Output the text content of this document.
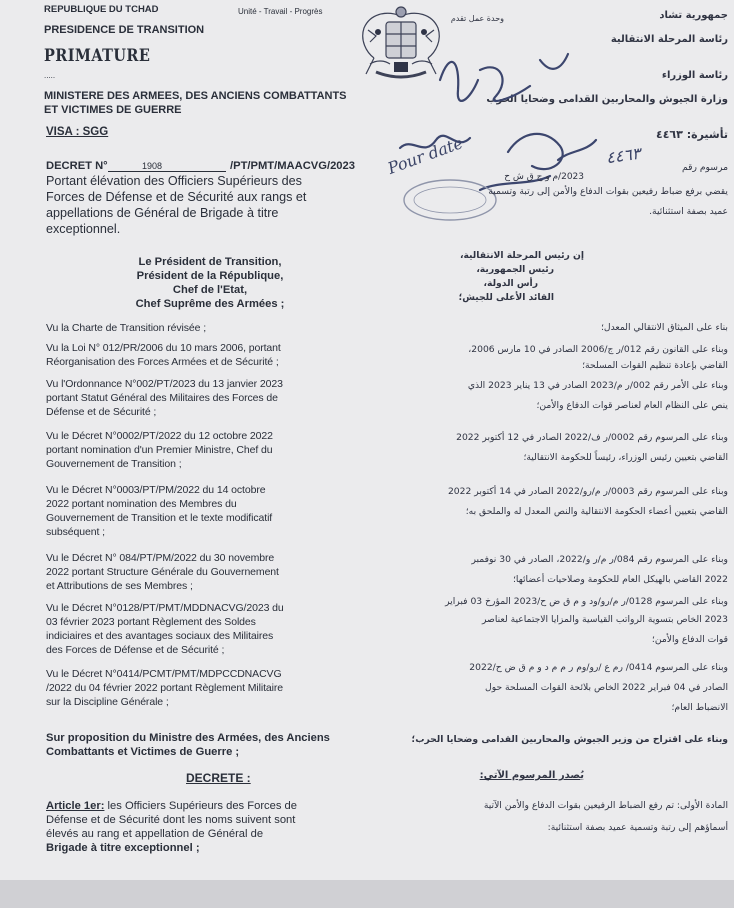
REPUBLIQUE DU TCHAD	Unité - Travail - Progrès
PRESIDENCE DE TRANSITION
PRIMATURE
.....
MINISTERE DES ARMEES, DES ANCIENS COMBATTANTS
ET VICTIMES DE GUERRE
VISA : SGG
جمهورية تشاد
وحدة عمل تقدم
رئاسة المرحلة الانتقالية
رئاسة الوزراء
وزارة الجيوش والمحاربين القدامى وضحايا الحرب
تأشيرة: ٤٤٦٣
٤٤٦٣
Pour date
DECRET N°	1908	/PT/PMT/MAACVG/2023
Portant élévation des Officiers Supérieurs des
Forces de Défense et de Sécurité aux rangs et
appellations de Général de Brigade à titre
exceptionnel.
مرسوم رقم
2023/م و ج ق ش ح
يقضي برفع ضباط رفيعين بقوات الدفاع والأمن إلى رتبة وتسمية
عميد بصفة استثنائية.
Le Président de Transition,
Président de la République,
Chef de l'Etat,
Chef Suprême des Armées ;
إن رئيس المرحلة الانتقالية،
رئيس الجمهورية،
رأس الدولة،
القائد الأعلى للجيش؛
Vu la Charte de Transition révisée ;
Vu la Loi N° 012/PR/2006 du 10 mars 2006, portant
Réorganisation des Forces Armées et de Sécurité ;
Vu l'Ordonnance N°002/PT/2023 du 13 janvier 2023
portant Statut Général des Militaires des Forces de
Défense et de Sécurité ;
Vu le Décret N°0002/PT/2022 du 12 octobre 2022
portant nomination d'un Premier Ministre, Chef du
Gouvernement de Transition ;
Vu le Décret N°0003/PT/PM/2022 du 14 octobre
2022 portant nomination des Membres du
Gouvernement de Transition et le texte modificatif
subséquent ;
Vu le Décret N° 084/PT/PM/2022 du 30 novembre
2022 portant Structure Générale du Gouvernement
et Attributions de ses Membres ;
Vu le Décret N°0128/PT/PMT/MDDNACVG/2023 du
03 février 2023 portant Règlement des Soldes
indiciaires et des avantages sociaux des Militaires
des Forces de Défense et de Sécurité ;
Vu le Décret N°0414/PCMT/PMT/MDPCCDNACVG
/2022 du 04 février 2022 portant Règlement Militaire
sur la Discipline Générale ;
بناء على الميثاق الانتقالي المعدل؛
وبناء على القانون رقم 012/ر ج/2006 الصادر في 10 مارس 2006،
القاضي بإعادة تنظيم القوات المسلحة؛
وبناء على الأمر رقم 002/ر م/2023 الصادر في 13 يناير 2023 الذي
ينص على النظام العام لعناصر قوات الدفاع والأمن؛
وبناء على المرسوم رقم 0002/ر ف/2022 الصادر في 12 أكتوبر 2022
القاضي بتعيين رئيس الوزراء، رئيساً للحكومة الانتقالية؛
وبناء على المرسوم رقم 0003/ر م/رو/2022 الصادر في 14 أكتوبر 2022
القاضي بتعيين أعضاء الحكومة الانتقالية والنص المعدل له والملحق به؛
وبناء على المرسوم رقم 084/ر م/ر و/2022، الصادر في 30 نوفمبر
2022 القاضي بالهيكل العام للحكومة وصلاحيات أعضائها؛
وبناء على المرسوم 0128/ر م/رو/ود و م ق ض ح/2023 المؤرخ 03 فبراير
2023 الخاص بتسوية الرواتب القياسية والمزايا الاجتماعية لعناصر
قوات الدفاع والأمن؛
وبناء على المرسوم 0414/ رم ع /رو/وم ر م م د و م ق ض ح/2022
الصادر في 04 فبراير 2022 الخاص بلائحة القوات المسلحة حول
الانضباط العام؛
Sur proposition du Ministre des Armées, des Anciens
Combattants et Victimes de Guerre ;
وبناء على اقتراح من وزير الجيوش والمحاربين القدامى وضحايا الحرب؛
DECRETE :	يُصدر المرسوم الآتي:
Article 1er: les Officiers Supérieurs des Forces de
Défense et de Sécurité dont les noms suivent sont
élevés au rang et appellation de Général de
Brigade à titre exceptionnel ;
المادة الأولى: تم رفع الضباط الرفيعين بقوات الدفاع والأمن الآتية
أسماؤهم إلى رتبة وتسمية عميد بصفة استثنائية:
